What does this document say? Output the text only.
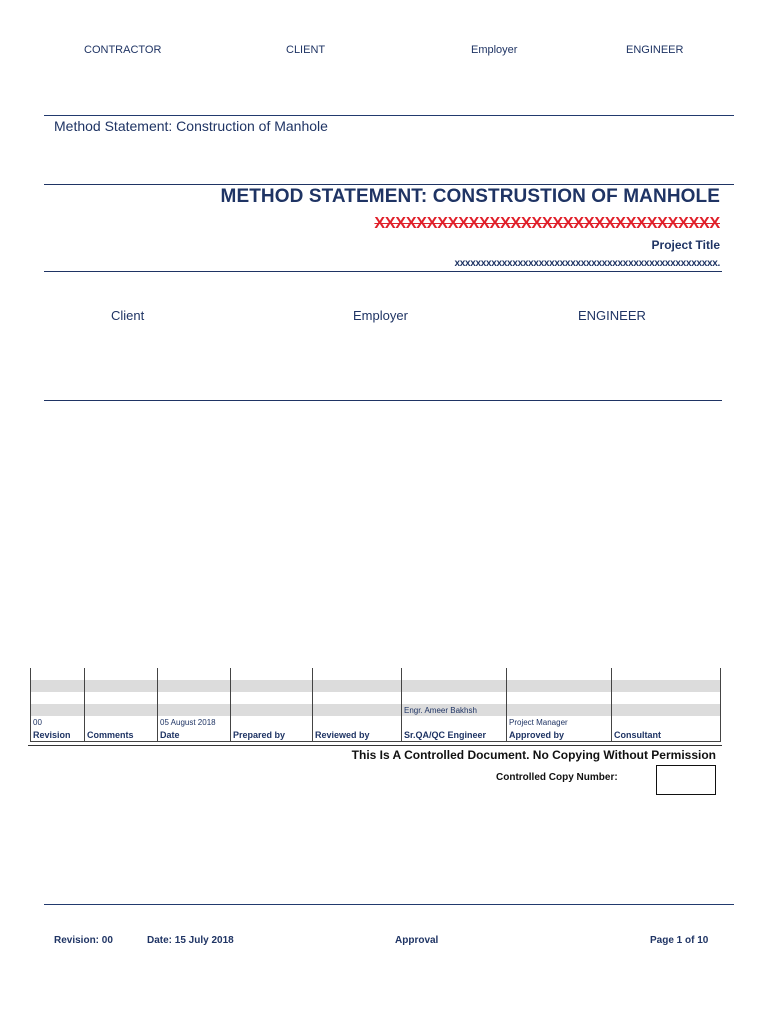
CONTRACTOR	CLIENT	Employer	ENGINEER
Method Statement: Construction of Manhole
METHOD STATEMENT: CONSTRUSTION OF MANHOLE
XXXXXXXXXXXXXXXXXXXXXXXXXXXXXXXXX
Project Title
xxxxxxxxxxxxxxxxxxxxxxxxxxxxxxxxxxxxxxxxxxxxxxxxxx.
Client	Employer	ENGINEER

					Engr. Ameer Bakhsh		
00		05 August 2018				Project Manager	
Revision	Comments	Date	Prepared by	Reviewed by	Sr.QA/QC Engineer	Approved by	Consultant
This Is A Controlled Document. No Copying Without Permission
Controlled Copy Number:
Revision: 00	Date: 15 July 2018	Approval	Page 1 of 10
